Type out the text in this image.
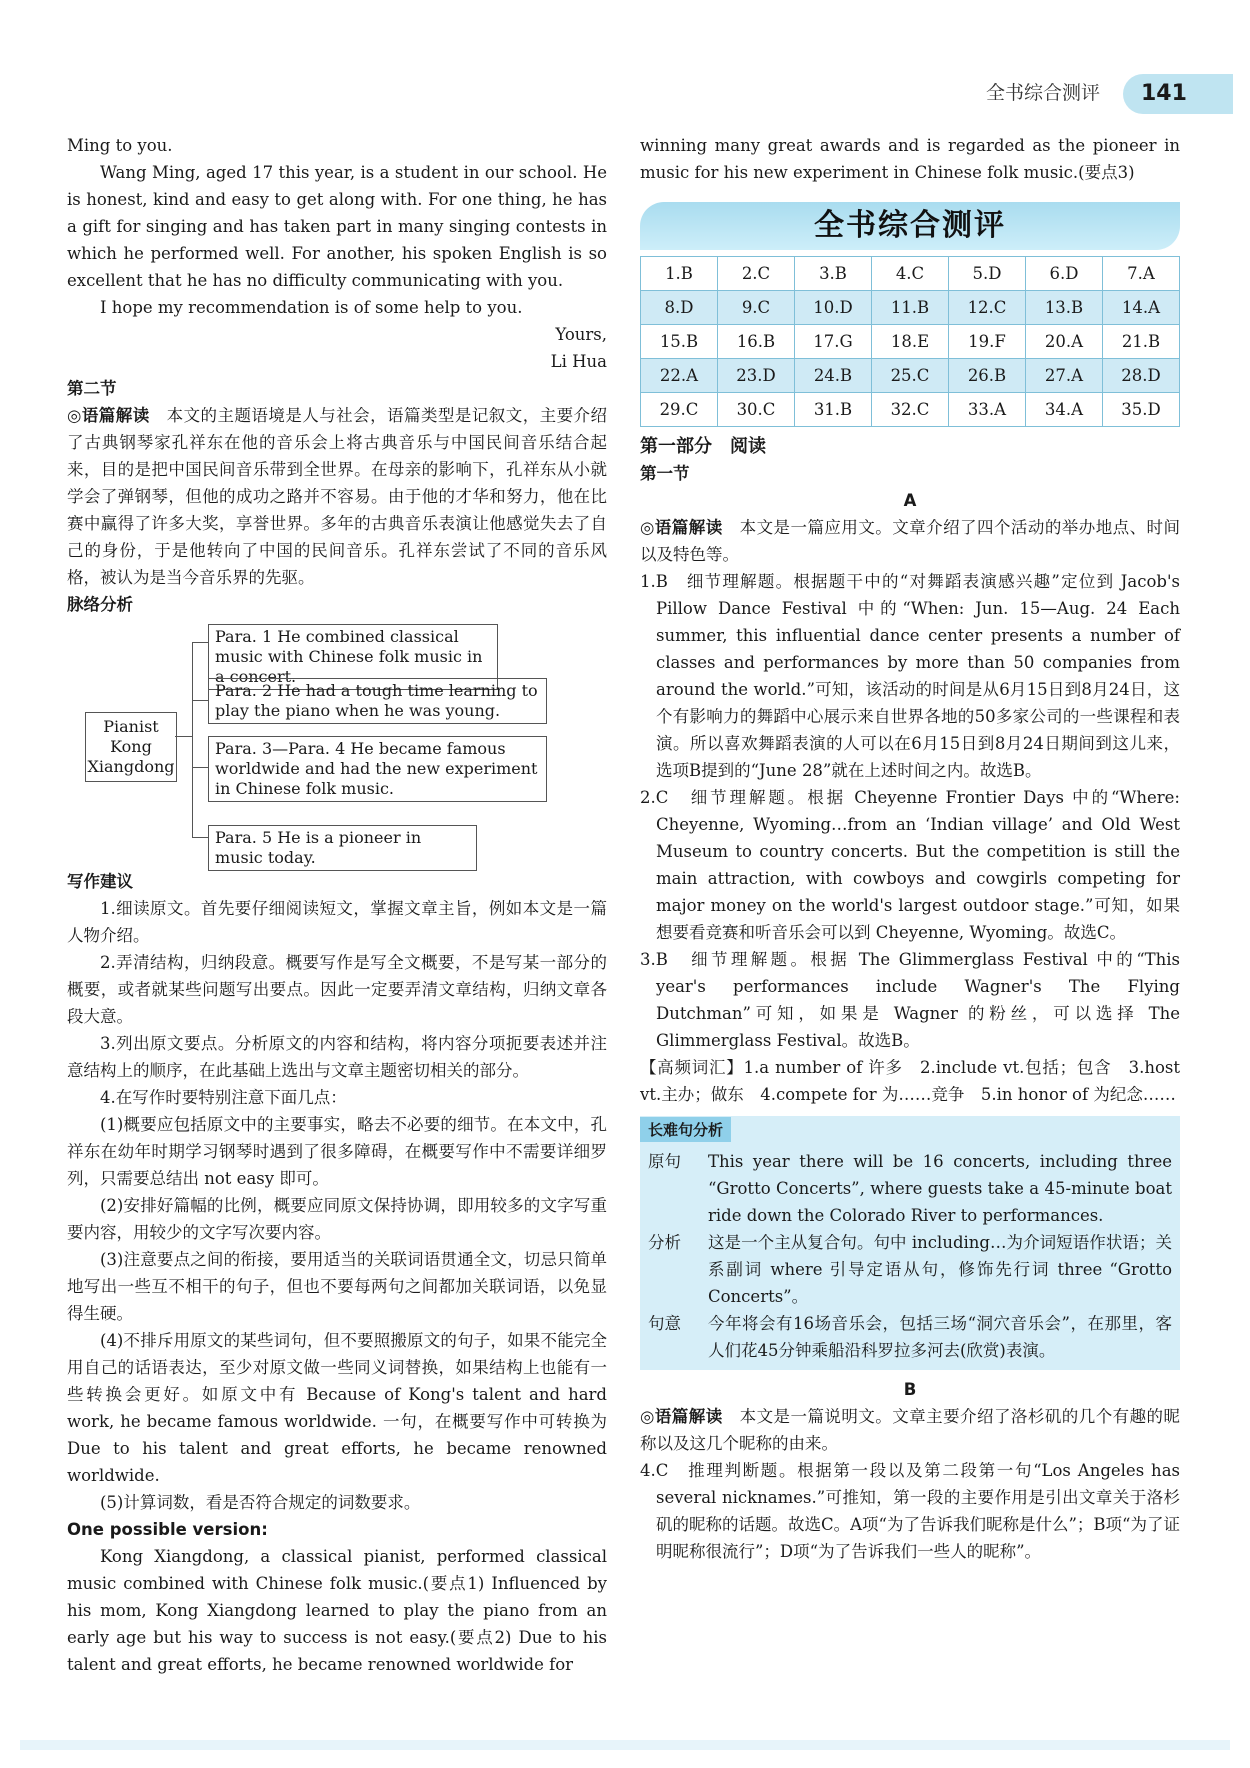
全书综合测评	141

Ming to you.

Wang Ming, aged 17 this year, is a student in our school. He is honest, kind and easy to get along with. For one thing, he has a gift for singing and has taken part in many singing contests in which he performed well. For another, his spoken English is so excellent that he has no difficulty communicating with you.

I hope my recommendation is of some help to you.

Yours,

Li Hua

第二节

◎语篇解读　 本文的主题语境是人与社会，语篇类型是记叙文，主要介绍了古典钢琴家孔祥东在他的音乐会上将古典音乐与中国民间音乐结合起来，目的是把中国民间音乐带到全世界。在母亲的影响下，孔祥东从小就学会了弹钢琴，但他的成功之路并不容易。由于他的才华和努力，他在比赛中赢得了许多大奖，享誉世界。多年的古典音乐表演让他感觉失去了自己的身份，于是他转向了中国的民间音乐。孔祥东尝试了不同的音乐风格，被认为是当今音乐界的先驱。

脉络分析

Pianist Kong Xiangdong
Para. 1 He combined classical music with Chinese folk music in a concert.
Para. 2 He had a tough time learning to play the piano when he was young.
Para. 3—Para. 4 He became famous worldwide and had the new experiment in Chinese folk music.
Para. 5 He is a pioneer in music today.

写作建议

1.细读原文。首先要仔细阅读短文，掌握文章主旨，例如本文是一篇人物介绍。

2.弄清结构，归纳段意。概要写作是写全文概要，不是写某一部分的概要，或者就某些问题写出要点。因此一定要弄清文章结构，归纳文章各段大意。

3.列出原文要点。分析原文的内容和结构，将内容分项扼要表述并注意结构上的顺序，在此基础上选出与文章主题密切相关的部分。

4.在写作时要特别注意下面几点：

(1)概要应包括原文中的主要事实，略去不必要的细节。在本文中，孔祥东在幼年时期学习钢琴时遇到了很多障碍，在概要写作中不需要详细罗列，只需要总结出 not easy 即可。

(2)安排好篇幅的比例，概要应同原文保持协调，即用较多的文字写重要内容，用较少的文字写次要内容。

(3)注意要点之间的衔接，要用适当的关联词语贯通全文，切忌只简单地写出一些互不相干的句子，但也不要每两句之间都加关联词语，以免显得生硬。

(4)不排斥用原文的某些词句，但不要照搬原文的句子，如果不能完全用自己的话语表达，至少对原文做一些同义词替换，如果结构上也能有一些转换会更好。如原文中有 Because of Kong's talent and hard work, he became famous worldwide. 一句，在概要写作中可转换为 Due to his talent and great efforts, he became renowned worldwide.

(5)计算词数，看是否符合规定的词数要求。

One possible version:

Kong Xiangdong, a classical pianist, performed classical music combined with Chinese folk music.(要点1) Influenced by his mom, Kong Xiangdong learned to play the piano from an early age but his way to success is not easy.(要点2) Due to his talent and great efforts, he became renowned worldwide for

winning many great awards and is regarded as the pioneer in music for his new experiment in Chinese folk music.(要点3)

全书综合测评
1.B	2.C	3.B	4.C	5.D	6.D	7.A
8.D	9.C	10.D	11.B	12.C	13.B	14.A
15.B	16.B	17.G	18.E	19.F	20.A	21.B
22.A	23.D	24.B	25.C	26.B	27.A	28.D
29.C	30.C	31.B	32.C	33.A	34.A	35.D

第一部分　阅读

第一节

A

◎语篇解读　 本文是一篇应用文。文章介绍了四个活动的举办地点、时间以及特色等。

1.B　细节理解题。根据题干中的“对舞蹈表演感兴趣”定位到 Jacob's Pillow Dance Festival 中的“When: Jun. 15—Aug. 24 Each summer, this influential dance center presents a number of classes and performances by more than 50 companies from around the world.”可知，该活动的时间是从6月15日到8月24日，这个有影响力的舞蹈中心展示来自世界各地的50多家公司的一些课程和表演。所以喜欢舞蹈表演的人可以在6月15日到8月24日期间到这儿来，选项B提到的“June 28”就在上述时间之内。故选B。

2.C　细节理解题。根据 Cheyenne Frontier Days 中的“Where: Cheyenne, Wyoming…from an ‘Indian village’ and Old West Museum to country concerts. But the competition is still the main attraction, with cowboys and cowgirls competing for major money on the world's largest outdoor stage.”可知，如果想要看竞赛和听音乐会可以到 Cheyenne, Wyoming。故选C。

3.B　细节理解题。根据 The Glimmerglass Festival 中的“This year's performances include Wagner's The Flying Dutchman”可知，如果是 Wagner 的粉丝，可以选择 The Glimmerglass Festival。故选B。

【高频词汇】1.a number of 许多　2.include vt.包括；包含　3.host vt.主办；做东　4.compete for 为……竞争　5.in honor of 为纪念……

长难句分析
原句	This year there will be 16 concerts, including three “Grotto Concerts”, where guests take a 45-minute boat ride down the Colorado River to performances.
分析	这是一个主从复合句。句中 including…为介词短语作状语；关系副词 where 引导定语从句，修饰先行词 three “Grotto Concerts”。
句意	今年将会有16场音乐会，包括三场“洞穴音乐会”，在那里，客人们花45分钟乘船沿科罗拉多河去(欣赏)表演。

B

◎语篇解读　 本文是一篇说明文。文章主要介绍了洛杉矶的几个有趣的昵称以及这几个昵称的由来。

4.C　推理判断题。根据第一段以及第二段第一句“Los Angeles has several nicknames.”可推知，第一段的主要作用是引出文章关于洛杉矶的昵称的话题。故选C。A项“为了告诉我们昵称是什么”；B项“为了证明昵称很流行”；D项“为了告诉我们一些人的昵称”。
